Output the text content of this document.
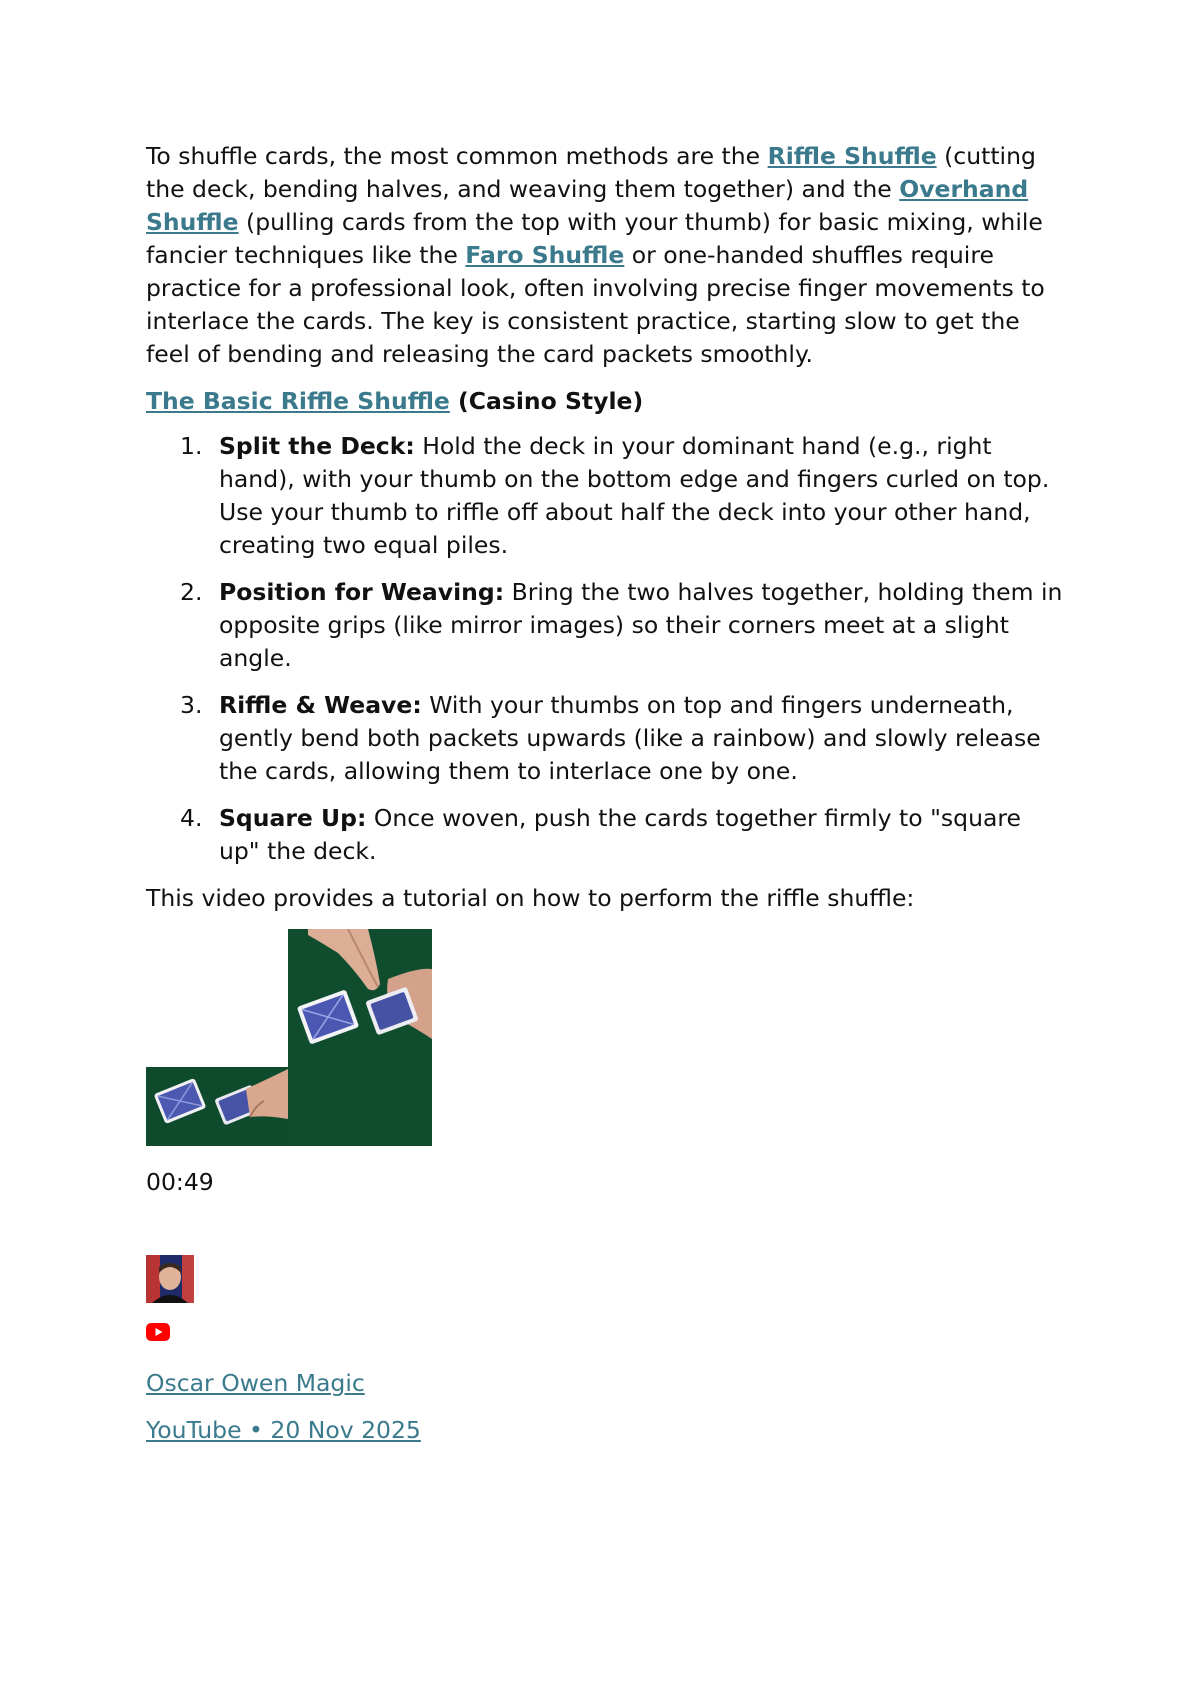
To shuffle cards, the most common methods are the Riffle Shuffle (cutting the deck, bending halves, and weaving them together) and the Overhand Shuffle (pulling cards from the top with your thumb) for basic mixing, while fancier techniques like the Faro Shuffle or one-handed shuffles require practice for a professional look, often involving precise finger movements to interlace the cards. The key is consistent practice, starting slow to get the feel of bending and releasing the card packets smoothly.

The Basic Riffle Shuffle (Casino Style)

1. Split the Deck: Hold the deck in your dominant hand (e.g., right hand), with your thumb on the bottom edge and fingers curled on top. Use your thumb to riffle off about half the deck into your other hand, creating two equal piles.
2. Position for Weaving: Bring the two halves together, holding them in opposite grips (like mirror images) so their corners meet at a slight angle.
3. Riffle & Weave: With your thumbs on top and fingers underneath, gently bend both packets upwards (like a rainbow) and slowly release the cards, allowing them to interlace one by one.
4. Square Up: Once woven, push the cards together firmly to "square up" the deck.

This video provides a tutorial on how to perform the riffle shuffle:

00:49

Oscar Owen Magic

YouTube • 20 Nov 2025
